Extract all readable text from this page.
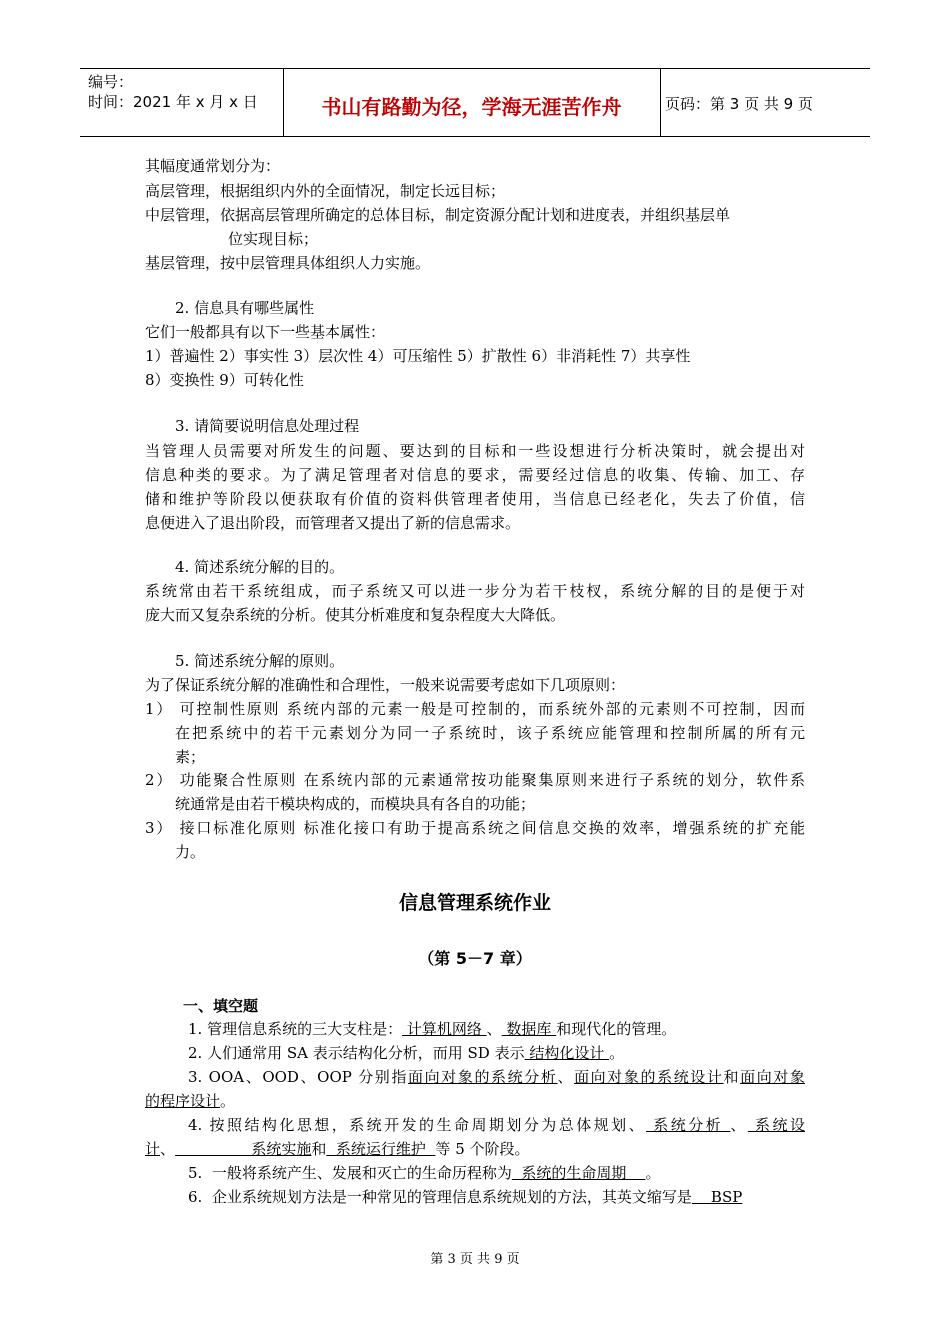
编号：
时间：2021 年 x 月 x 日	书山有路勤为径，学海无涯苦作舟	页码：第 3 页 共 9 页
其幅度通常划分为：
高层管理，根据组织内外的全面情况，制定长远目标；
中层管理，依据高层管理所确定的总体目标，制定资源分配计划和进度表，并组织基层单
位实现目标；
基层管理，按中层管理具体组织人力实施。
2. 信息具有哪些属性
它们一般都具有以下一些基本属性：
1）普遍性 2）事实性 3）层次性 4）可压缩性 5）扩散性 6）非消耗性 7）共享性
8）变换性 9）可转化性
3. 请简要说明信息处理过程
当管理人员需要对所发生的问题、要达到的目标和一些设想进行分析决策时，就会提出对
信息种类的要求。为了满足管理者对信息的要求，需要经过信息的收集、传输、加工、存
储和维护等阶段以便获取有价值的资料供管理者使用，当信息已经老化，失去了价值，信
息便进入了退出阶段，而管理者又提出了新的信息需求。
4. 简述系统分解的目的。
系统常由若干系统组成，而子系统又可以进一步分为若干枝杈，系统分解的目的是便于对
庞大而又复杂系统的分析。使其分析难度和复杂程度大大降低。
5. 简述系统分解的原则。
为了保证系统分解的准确性和合理性，一般来说需要考虑如下几项原则：
1） 可控制性原则 系统内部的元素一般是可控制的，而系统外部的元素则不可控制，因而
在把系统中的若干元素划分为同一子系统时，该子系统应能管理和控制所属的所有元
素；
2） 功能聚合性原则 在系统内部的元素通常按功能聚集原则来进行子系统的划分，软件系
统通常是由若干模块构成的，而模块具有各自的功能；
3） 接口标准化原则 标准化接口有助于提高系统之间信息交换的效率，增强系统的扩充能
力。
信息管理系统作业
（第 5－7 章）
一、填空题
1. 管理信息系统的三大支柱是： 计算机网络 、 数据库 和现代化的管理。
2. 人们通常用 SA 表示结构化分析，而用 SD 表示 结构化设计 。
3. OOA、OOD、OOP 分别指面向对象的系统分析、面向对象的系统设计和面向对象
的程序设计。
4. 按照结构化思想，系统开发的生命周期划分为总体规划、 系统分析 、 系统设
计、                系统实施和  系统运行维护  等 5 个阶段。
5.  一般将系统产生、发展和灭亡的生命历程称为  系统的生命周期    。
6.  企业系统规划方法是一种常见的管理信息系统规划的方法，其英文缩写是    BSP
第 3 页 共 9 页
